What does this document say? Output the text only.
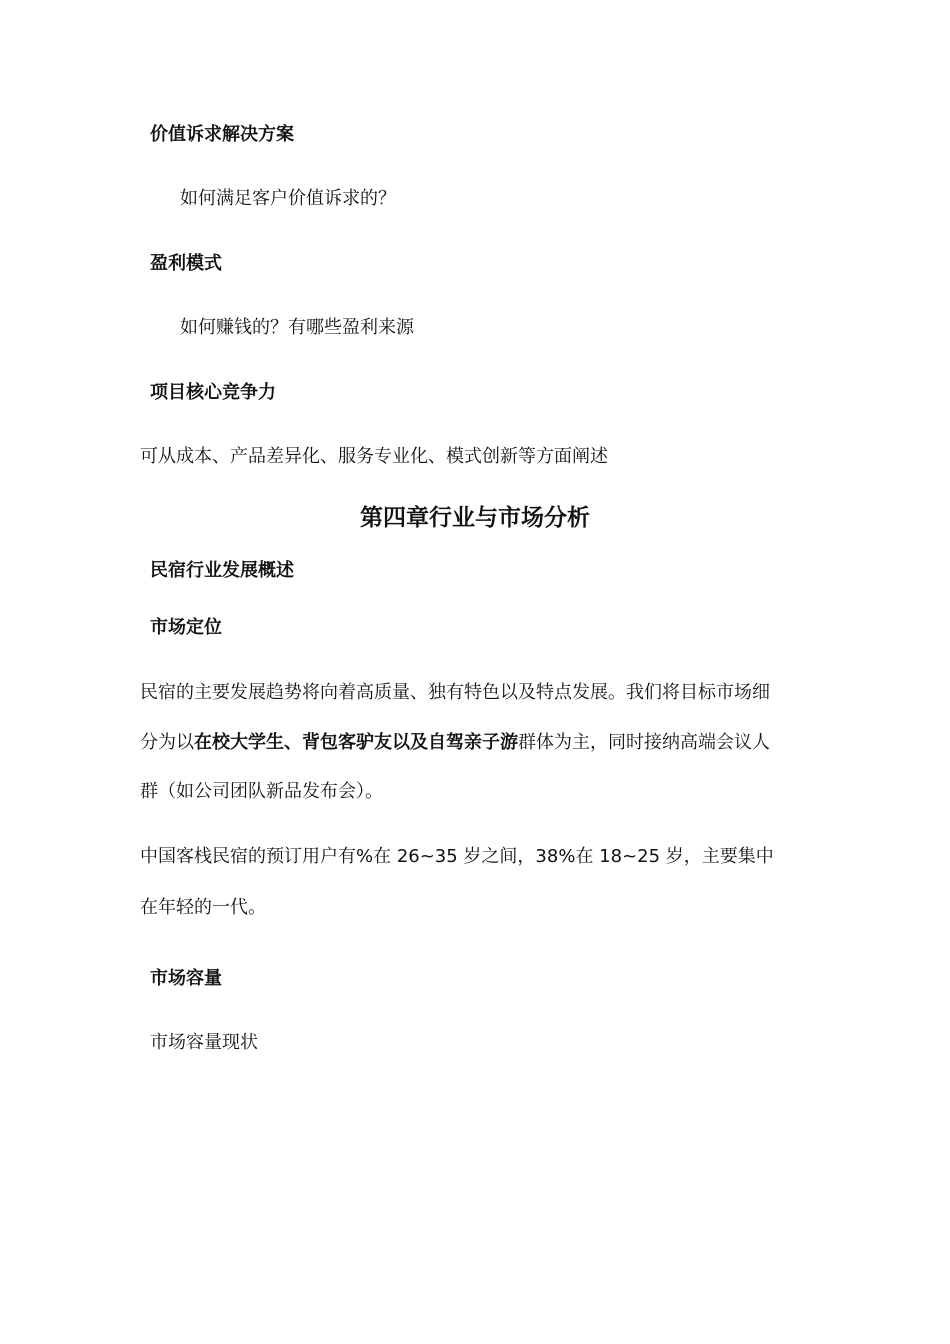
价值诉求解决方案
如何满足客户价值诉求的？
盈利模式
如何赚钱的？有哪些盈利来源
项目核心竞争力
可从成本、产品差异化、服务专业化、模式创新等方面阐述
第四章行业与市场分析
民宿行业发展概述
市场定位
民宿的主要发展趋势将向着高质量、独有特色以及特点发展。我们将目标市场细
分为以在校大学生、背包客驴友以及自驾亲子游群体为主，同时接纳高端会议人
群（如公司团队新品发布会）。
中国客栈民宿的预订用户有%在 26~35 岁之间，38%在 18~25 岁，主要集中
在年轻的一代。
市场容量
市场容量现状
